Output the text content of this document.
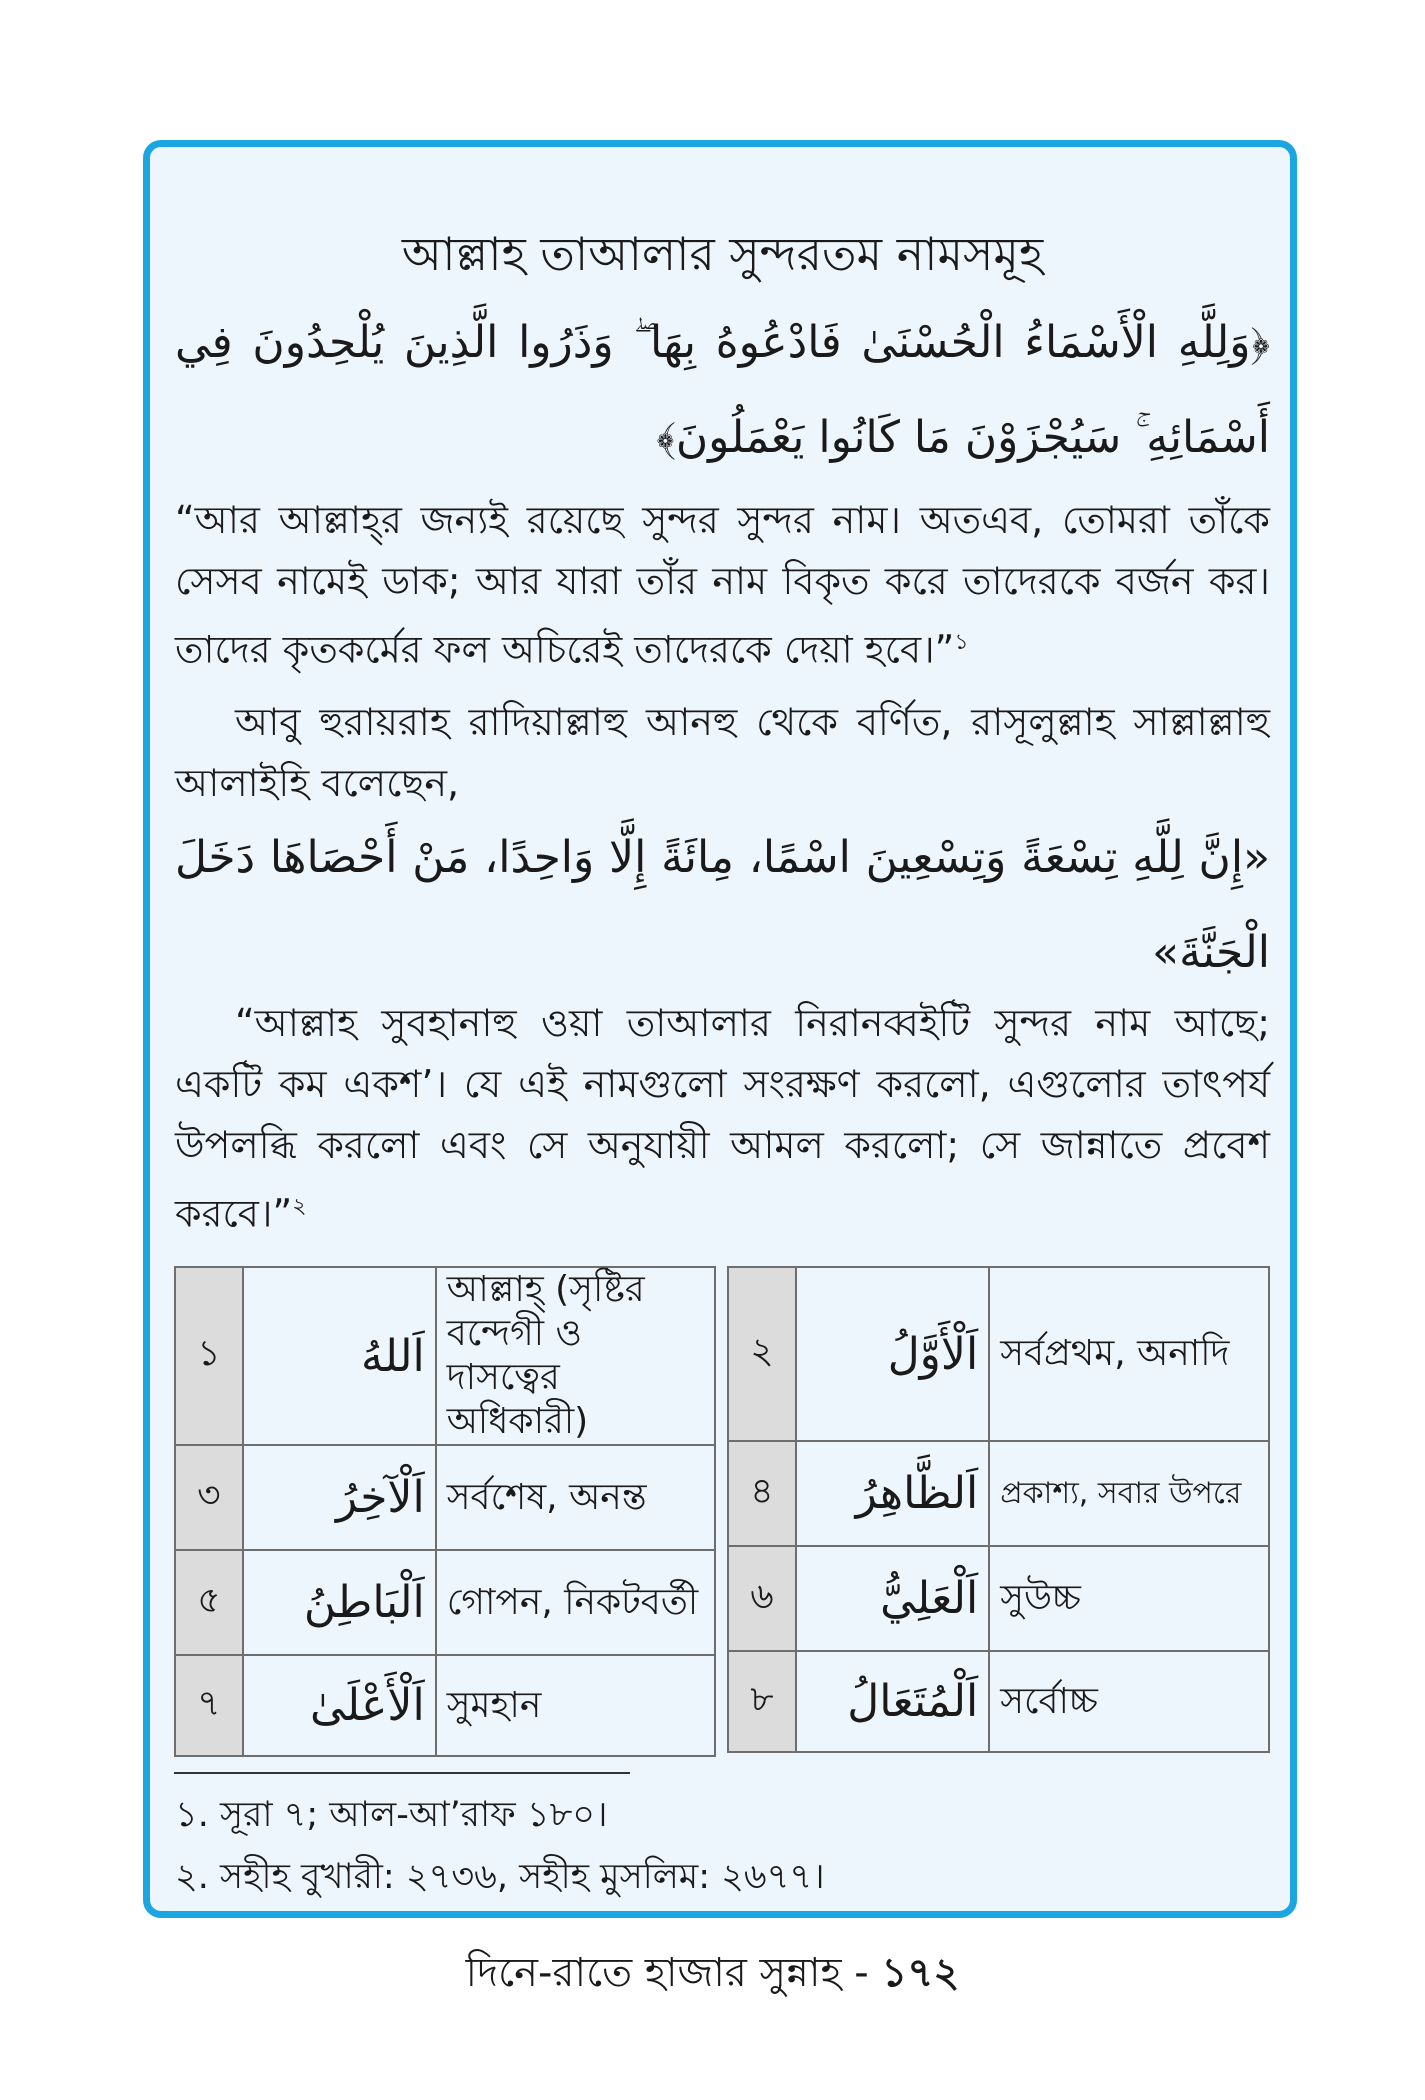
আল্লাহ তাআলার সুন্দরতম নামসমূহ
﴿وَلِلَّهِ الْأَسْمَاءُ الْحُسْنَىٰ فَادْعُوهُ بِهَا ۖ وَذَرُوا الَّذِينَ يُلْحِدُونَ فِي أَسْمَائِهِ ۚ سَيُجْزَوْنَ مَا كَانُوا يَعْمَلُونَ﴾
“আর আল্লাহ্‌র জন্যই রয়েছে সুন্দর সুন্দর নাম। অতএব, তোমরা তাঁকে সেসব নামেই ডাক; আর যারা তাঁর নাম বিকৃত করে তাদেরকে বর্জন কর। তাদের কৃতকর্মের ফল অচিরেই তাদেরকে দেয়া হবে।”$^১$
আবু হুরায়রাহ রাদিয়াল্লাহু আনহু থেকে বর্ণিত, রাসূলুল্লাহ সাল্লাল্লাহু আলাইহি বলেছেন,
«إِنَّ لِلَّهِ تِسْعَةً وَتِسْعِينَ اسْمًا، مِائَةً إِلَّا وَاحِدًا، مَنْ أَحْصَاهَا دَخَلَ الْجَنَّةَ»
“আল্লাহ সুবহানাহু ওয়া তাআলার নিরানব্বইটি সুন্দর নাম আছে; একটি কম একশ’। যে এই নামগুলো সংরক্ষণ করলো, এগুলোর তাৎপর্য উপলব্ধি করলো এবং সে অনুযায়ী আমল করলো; সে জান্নাতে প্রবেশ করবে।”$^২$
১	اَللهُ	আল্লাহ্ (সৃষ্টির বন্দেগী ও দাসত্বের অধিকারী)
৩	اَلْآخِرُ	সর্বশেষ, অনন্ত
৫	اَلْبَاطِنُ	গোপন, নিকটবর্তী
৭	اَلْأَعْلَىٰ	সুমহান
২	اَلْأَوَّلُ	সর্বপ্রথম, অনাদি
৪	اَلظَّاهِرُ	প্রকাশ্য, সবার উপরে
৬	اَلْعَلِيُّ	সুউচ্চ
৮	اَلْمُتَعَالُ	সর্বোচ্চ
১. সূরা ৭; আল-আ’রাফ ১৮০।
২. সহীহ বুখারী: ২৭৩৬, সহীহ মুসলিম: ২৬৭৭।
দিনে-রাতে হাজার সুন্নাহ - ১৭২
